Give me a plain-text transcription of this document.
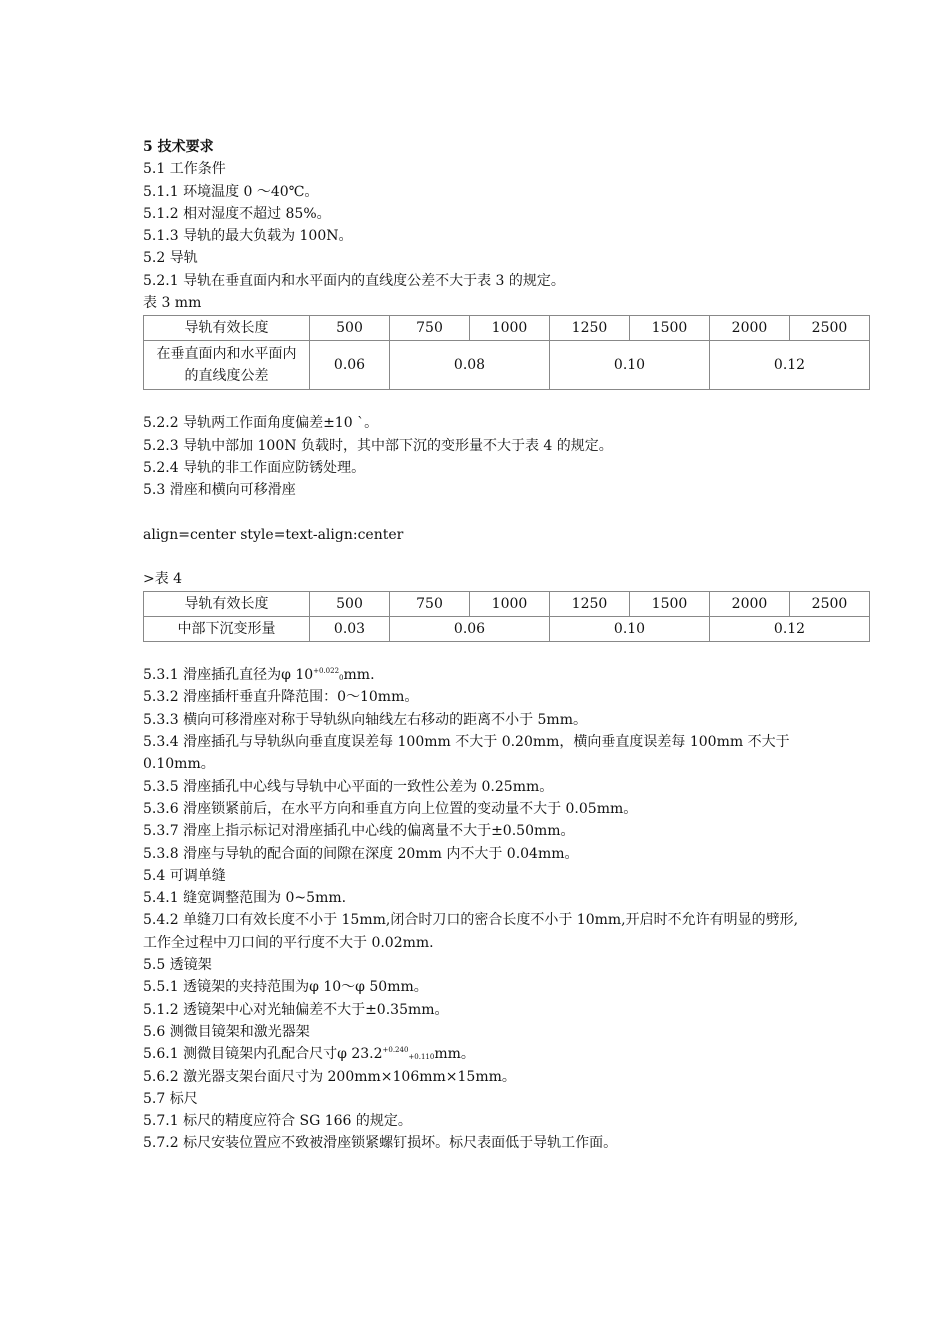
5 技术要求
5.1 工作条件
5.1.1 环境温度 0 ～40℃。
5.1.2 相对湿度不超过 85%。
5.1.3 导轨的最大负载为 100N。
5.2 导轨
5.2.1 导轨在垂直面内和水平面内的直线度公差不大于表 3 的规定。
表 3 mm
导轨有效长度	500	750	1000	1250	1500	2000	2500
在垂直面内和水平面内的直线度公差	0.06	0.08		0.10		0.12	
5.2.2 导轨两工作面角度偏差±10 `。
5.2.3 导轨中部加 100N 负载时，其中部下沉的变形量不大于表 4 的规定。
5.2.4 导轨的非工作面应防锈处理。
5.3 滑座和横向可移滑座
align=center style=text-align:center
>表 4
导轨有效长度	500	750	1000	1250	1500	2000	2500
中部下沉变形量	0.03	0.06		0.10		0.12	
5.3.1 滑座插孔直径为φ $10^{+0.022}_0mm$.
5.3.2 滑座插杆垂直升降范围：0～10mm。
5.3.3 横向可移滑座对称于导轨纵向轴线左右移动的距离不小于 5mm。
5.3.4 滑座插孔与导轨纵向垂直度误差每 100mm 不大于 0.20mm，横向垂直度误差每 100mm 不大于 0.10mm。
5.3.5 滑座插孔中心线与导轨中心平面的一致性公差为 0.25mm。
5.3.6 滑座锁紧前后，在水平方向和垂直方向上位置的变动量不大于 0.05mm。
5.3.7 滑座上指示标记对滑座插孔中心线的偏离量不大于±0.50mm。
5.3.8 滑座与导轨的配合面的间隙在深度 20mm 内不大于 0.04mm。
5.4 可调单缝
5.4.1 缝宽调整范围为 0~5mm.
5.4.2 单缝刀口有效长度不小于 15mm,闭合时刀口的密合长度不小于 10mm,开启时不允许有明显的劈形,工作全过程中刀口间的平行度不大于 0.02mm.
5.5 透镜架
5.5.1 透镜架的夹持范围为φ 10～φ 50mm。
5.1.2 透镜架中心对光轴偏差不大于±0.35mm。
5.6 测微目镜架和激光器架
5.6.1 测微目镜架内孔配合尺寸φ $23.2^{+0.240}_{+0.110}mm$。
5.6.2 激光器支架台面尺寸为 200mm×106mm×15mm。
5.7 标尺
5.7.1 标尺的精度应符合 SG 166 的规定。
5.7.2 标尺安装位置应不致被滑座锁紧螺钉损坏。标尺表面低于导轨工作面。
